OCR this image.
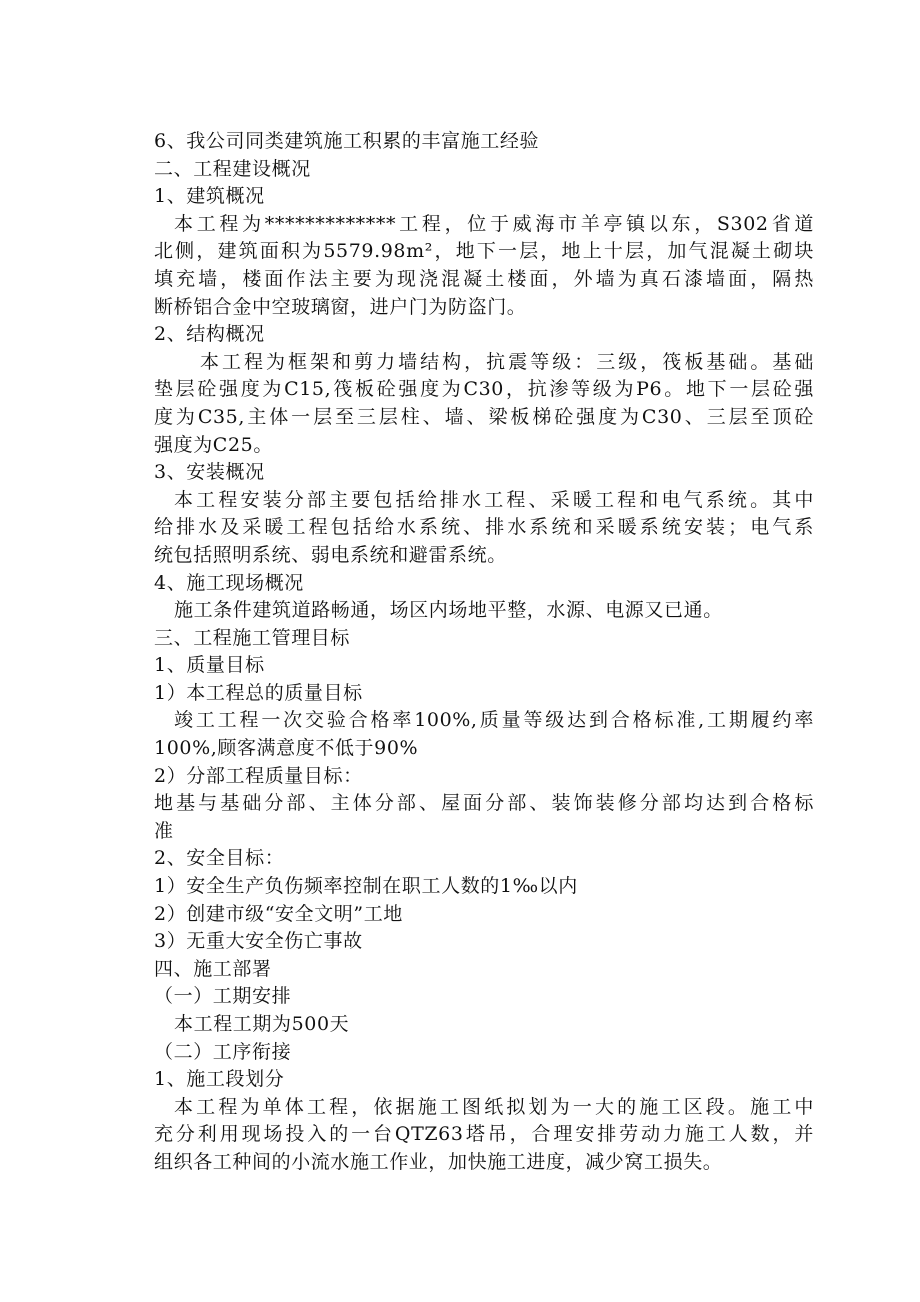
6、我公司同类建筑施工积累的丰富施工经验
二、工程建设概况
1、建筑概况
本工程为*************工程，位于威海市羊亭镇以东，S302省道
北侧，建筑面积为5579.98m²，地下一层，地上十层，加气混凝土砌块
填充墙，楼面作法主要为现浇混凝土楼面，外墙为真石漆墙面，隔热
断桥铝合金中空玻璃窗，进户门为防盗门。
2、结构概况
本工程为框架和剪力墙结构，抗震等级：三级，筏板基础。基础
垫层砼强度为C15,筏板砼强度为C30，抗渗等级为P6。地下一层砼强
度为C35,主体一层至三层柱、墙、梁板梯砼强度为C30、三层至顶砼
强度为C25。
3、安装概况
本工程安装分部主要包括给排水工程、采暖工程和电气系统。其中
给排水及采暖工程包括给水系统、排水系统和采暖系统安装；电气系
统包括照明系统、弱电系统和避雷系统。
4、施工现场概况
施工条件建筑道路畅通，场区内场地平整，水源、电源又已通。
三、工程施工管理目标
1、质量目标
1）本工程总的质量目标
竣工工程一次交验合格率100%,质量等级达到合格标准,工期履约率
100%,顾客满意度不低于90%
2）分部工程质量目标：
地基与基础分部、主体分部、屋面分部、装饰装修分部均达到合格标
准
2、安全目标：
1）安全生产负伤频率控制在职工人数的1‰以内
2）创建市级“安全文明”工地
3）无重大安全伤亡事故
四、施工部署
（一）工期安排
本工程工期为500天
（二）工序衔接
1、施工段划分
本工程为单体工程，依据施工图纸拟划为一大的施工区段。施工中
充分利用现场投入的一台QTZ63塔吊，合理安排劳动力施工人数，并
组织各工种间的小流水施工作业，加快施工进度，减少窝工损失。
